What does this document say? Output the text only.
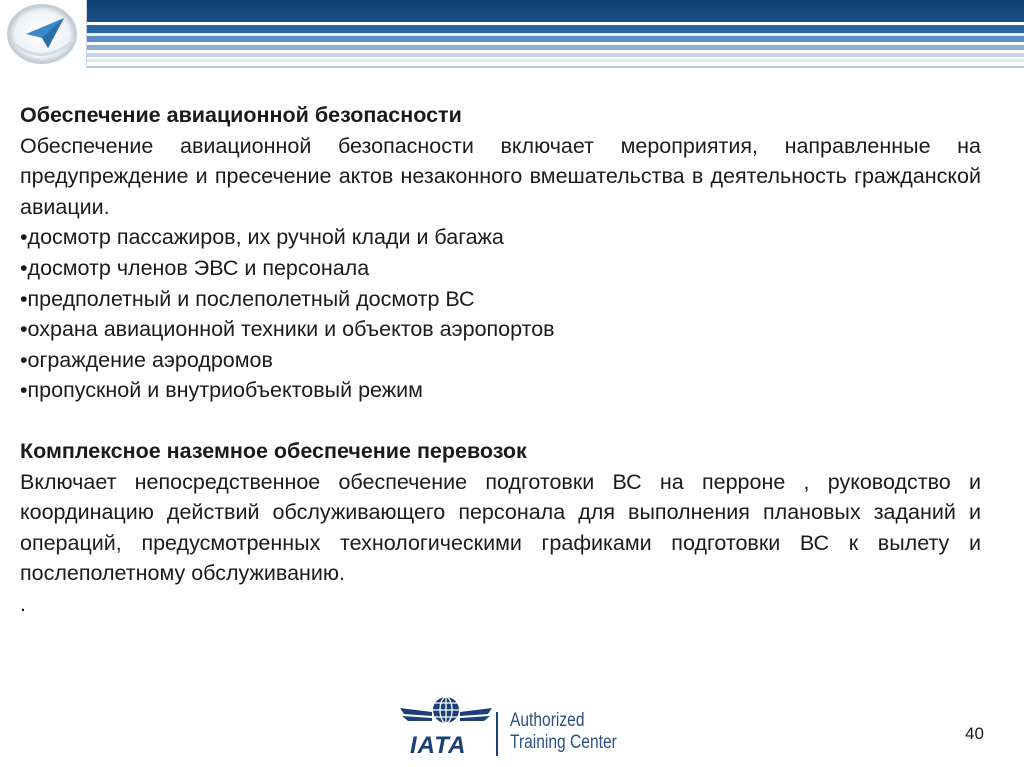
Обеспечение авиационной безопасности

Обеспечение авиационной безопасности включает мероприятия, направленные на предупреждение и пресечение актов незаконного вмешательства в деятельность гражданской авиации.

•досмотр пассажиров, их ручной клади и багажа

•досмотр членов ЭВС и персонала

•предполетный и послеполетный досмотр ВС

•охрана авиационной техники и объектов аэропортов

•ограждение аэродромов

•пропускной и внутриобъектовый режим

Комплексное наземное обеспечение перевозок

Включает непосредственное обеспечение подготовки ВС на перроне , руководство и координацию действий обслуживающего персонала для выполнения плановых заданий и операций, предусмотренных технологическими графиками подготовки ВС к вылету и послеполетному обслуживанию.

.

IATA
Authorized
Training Center	40
